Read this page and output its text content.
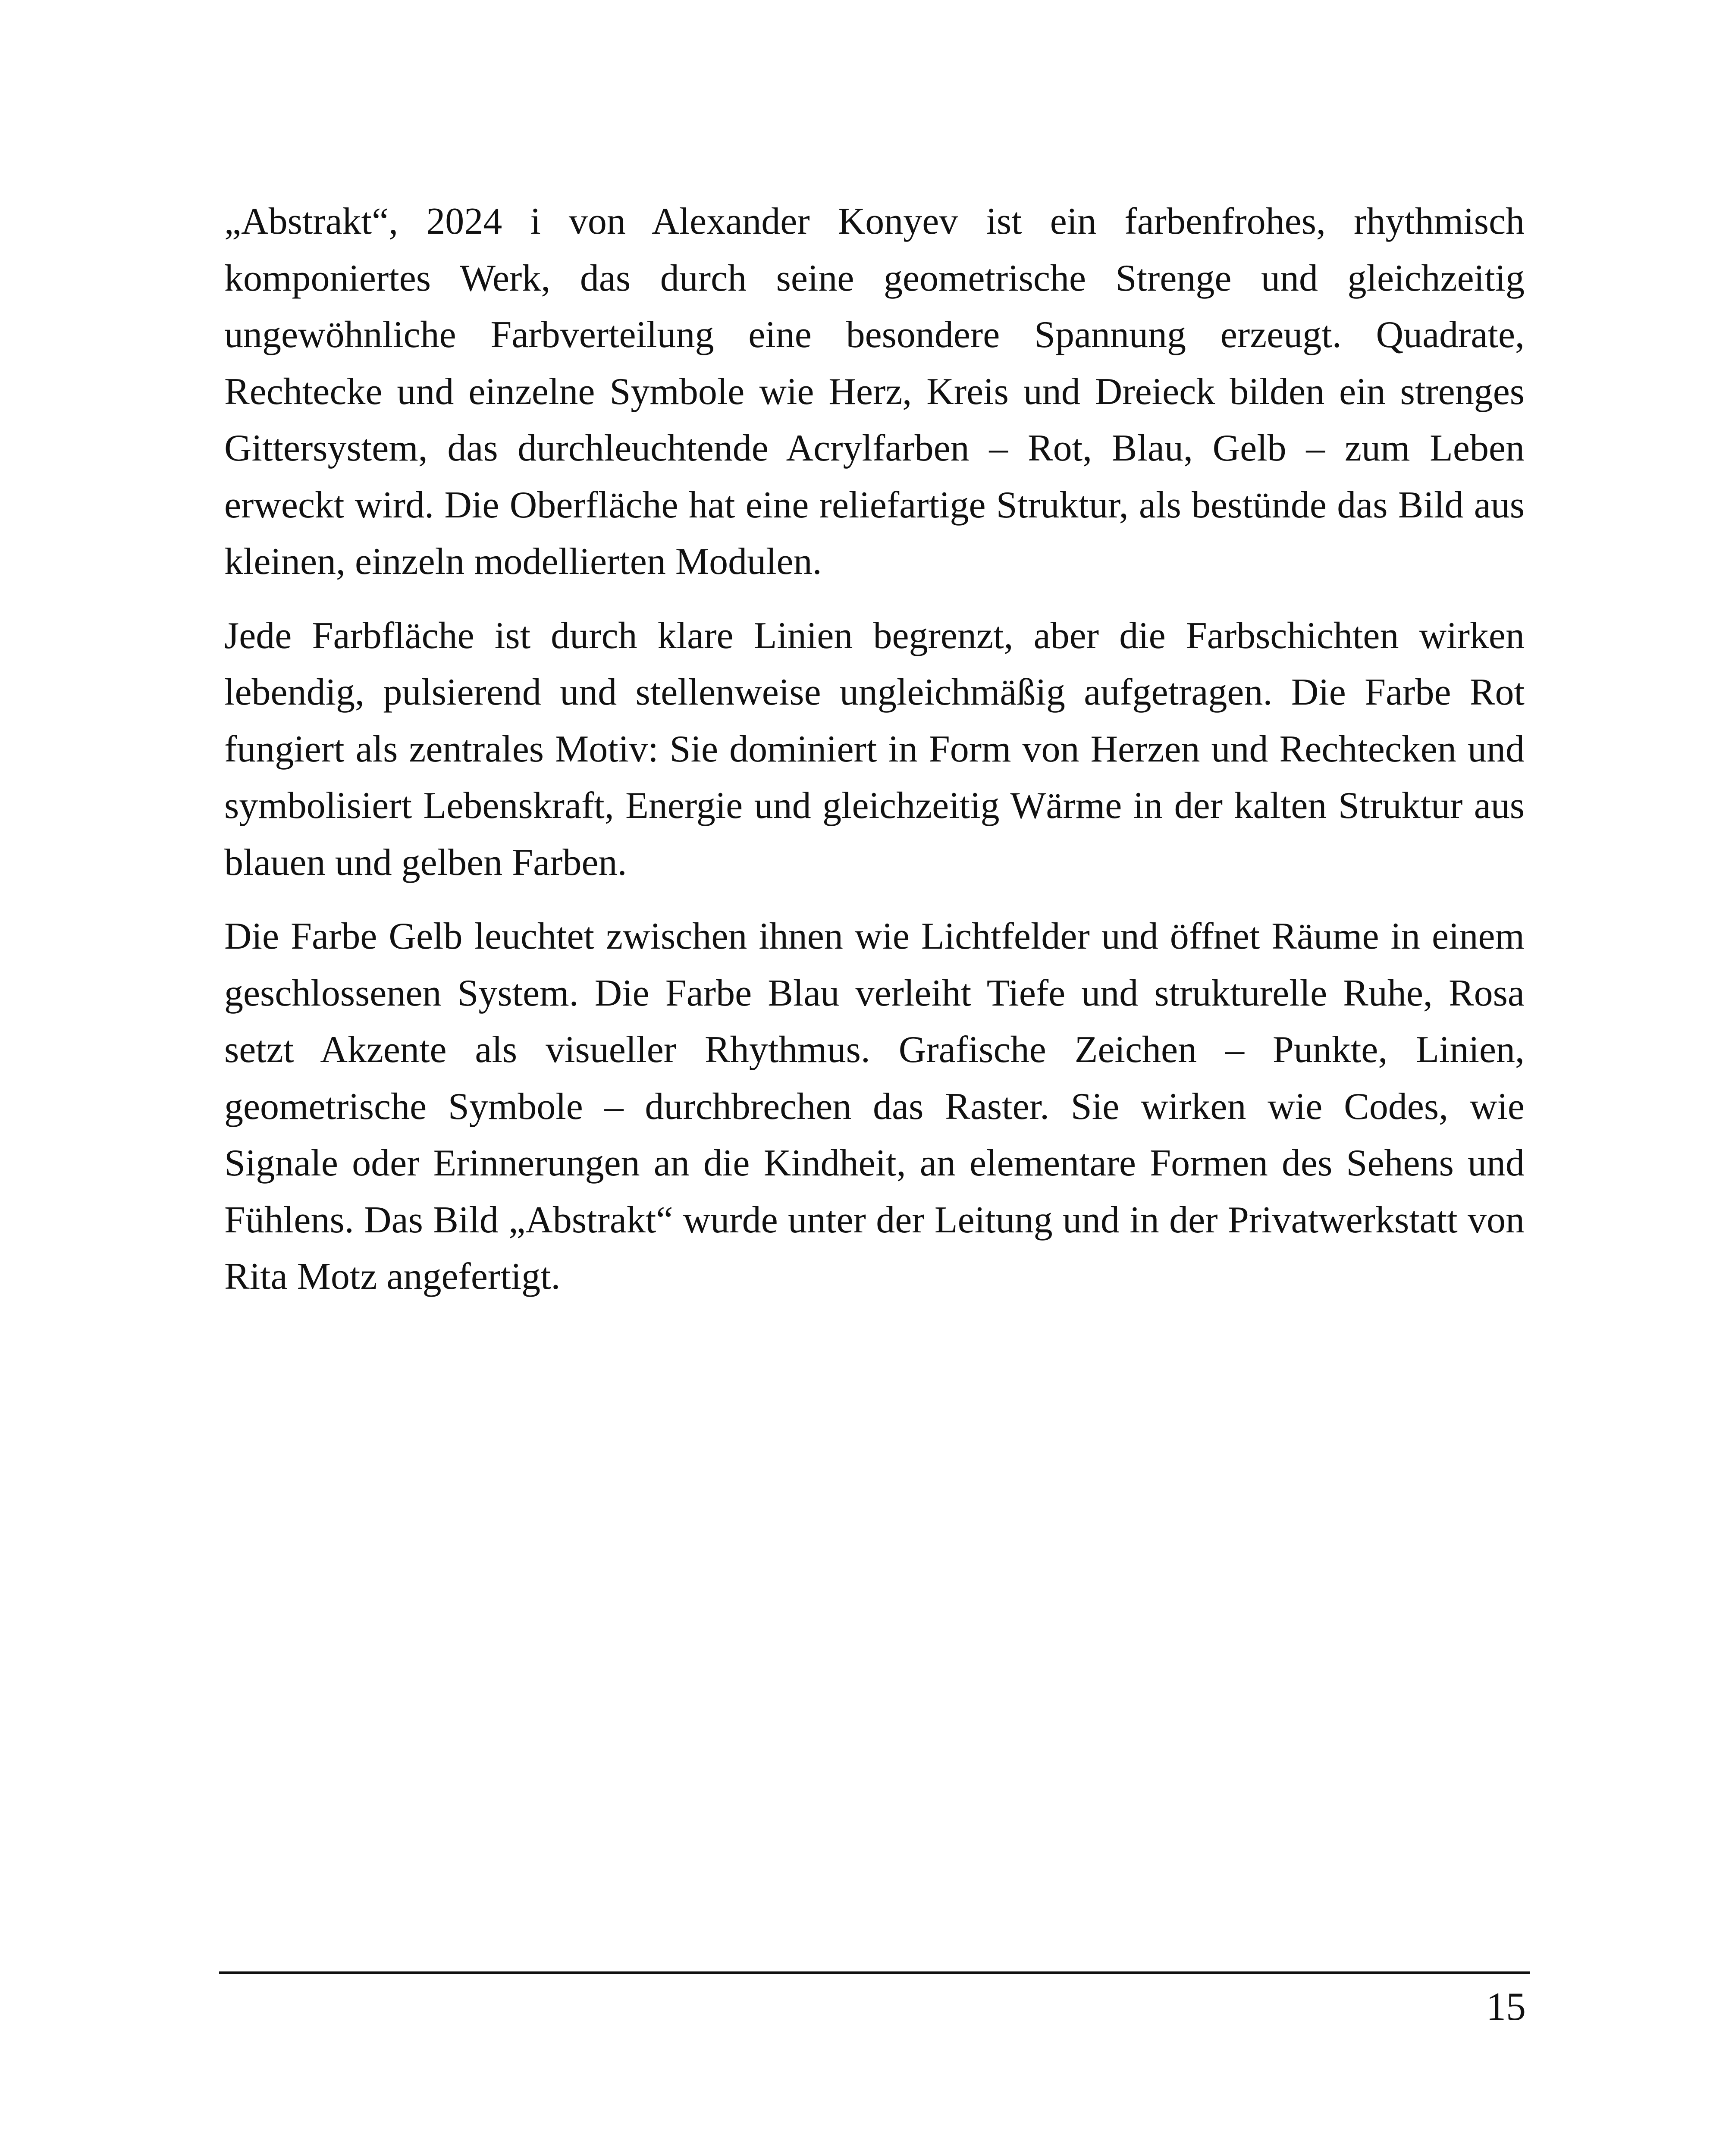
„Abstrakt“, 2024 i von Alexander Konyev ist ein farbenfrohes, rhythmisch komponiertes Werk, das durch seine geometrische Strenge und gleichzeitig ungewöhnliche Farbverteilung eine besondere Spannung erzeugt. Quadrate, Rechtecke und einzelne Symbole wie Herz, Kreis und Dreieck bilden ein strenges Gittersystem, das durchleuchtende Acrylfarben – Rot, Blau, Gelb – zum Leben erweckt wird. Die Oberfläche hat eine reliefartige Struktur, als bestünde das Bild aus kleinen, einzeln modellierten Modulen.

Jede Farbfläche ist durch klare Linien begrenzt, aber die Farbschichten wirken lebendig, pulsierend und stellenweise ungleichmäßig aufgetragen. Die Farbe Rot fungiert als zentrales Motiv: Sie dominiert in Form von Herzen und Rechtecken und symbolisiert Lebenskraft, Energie und gleichzeitig Wärme in der kalten Struktur aus blauen und gelben Farben.

Die Farbe Gelb leuchtet zwischen ihnen wie Lichtfelder und öffnet Räume in einem geschlossenen System. Die Farbe Blau verleiht Tiefe und strukturelle Ruhe, Rosa setzt Akzente als visueller Rhythmus. Grafische Zeichen – Punkte, Linien, geometrische Symbole – durchbrechen das Raster. Sie wirken wie Codes, wie Signale oder Erinnerungen an die Kindheit, an elementare Formen des Sehens und Fühlens. Das Bild „Abstrakt“ wurde unter der Leitung und in der Privatwerkstatt von Rita Motz angefertigt.

15
